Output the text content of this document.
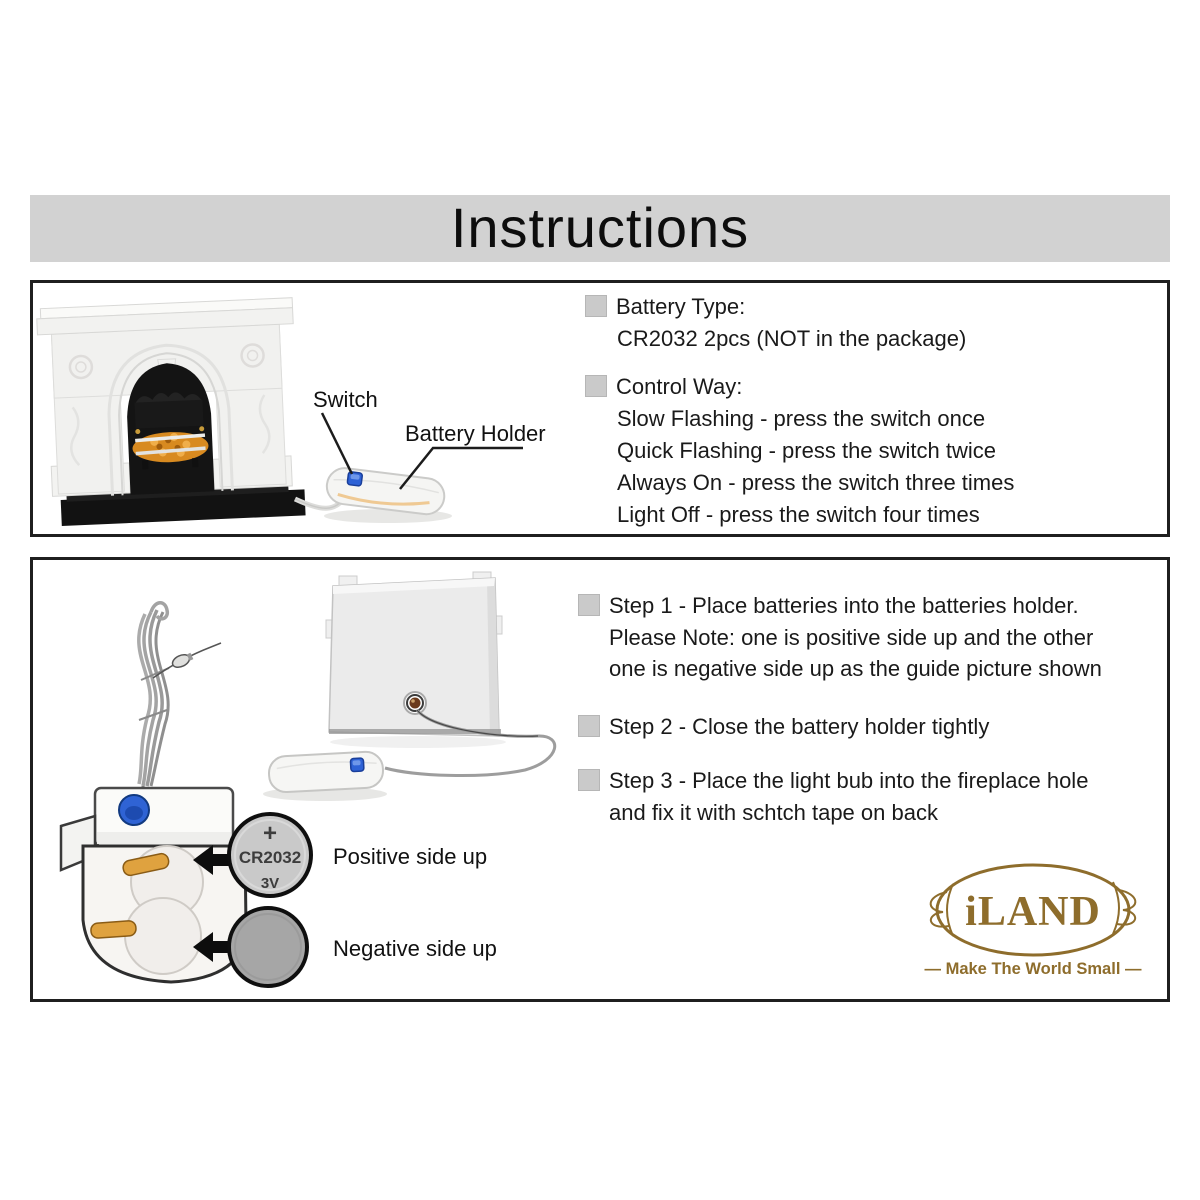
Instructions
Switch
Battery Holder
Battery Type:
CR2032 2pcs (NOT in the package)
Control Way:
Slow Flashing - press the switch once
Quick Flashing - press the switch twice
Always On - press the switch three times
Light Off - press the switch four times
+
CR2032
3V
Positive side up
Negative side up
Step 1 - Place batteries into the batteries holder.
Please Note: one is positive side up and the other
one is negative side up as the guide picture shown
Step 2 - Close the battery holder tightly
Step 3 - Place the light bub into the fireplace hole
and fix it with schtch tape on back
iLAND
— Make The World Small —
